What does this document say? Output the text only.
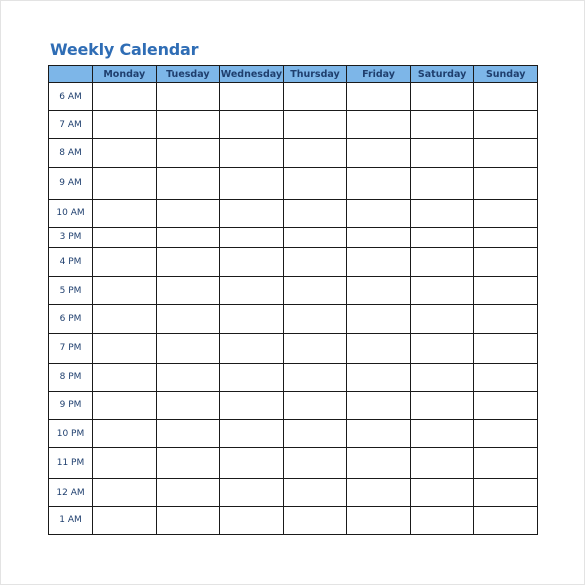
Weekly Calendar
	Monday	Tuesday	Wednesday	Thursday	Friday	Saturday	Sunday
6 AM							
7 AM							
8 AM							
9 AM							
10 AM							
3 PM							
4 PM							
5 PM							
6 PM							
7 PM							
8 PM							
9 PM							
10 PM							
11 PM							
12 AM							
1 AM							
